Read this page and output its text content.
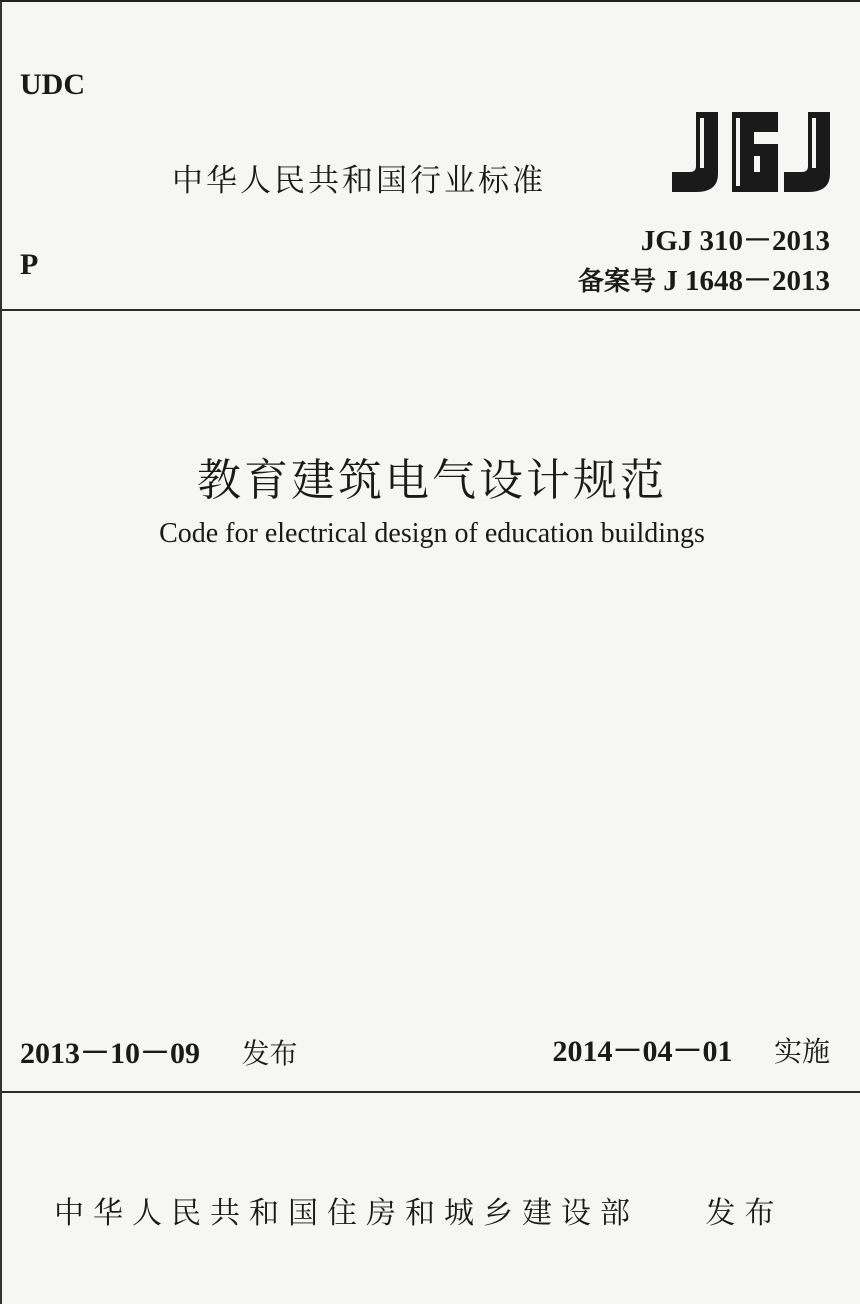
UDC
中华人民共和国行业标准
JGJ 310－2013
P
备案号 J 1648－2013
教育建筑电气设计规范
Code for electrical design of education buildings
2013－10－09 发布	2014－04－01 实施
中华人民共和国住房和城乡建设部 发布
